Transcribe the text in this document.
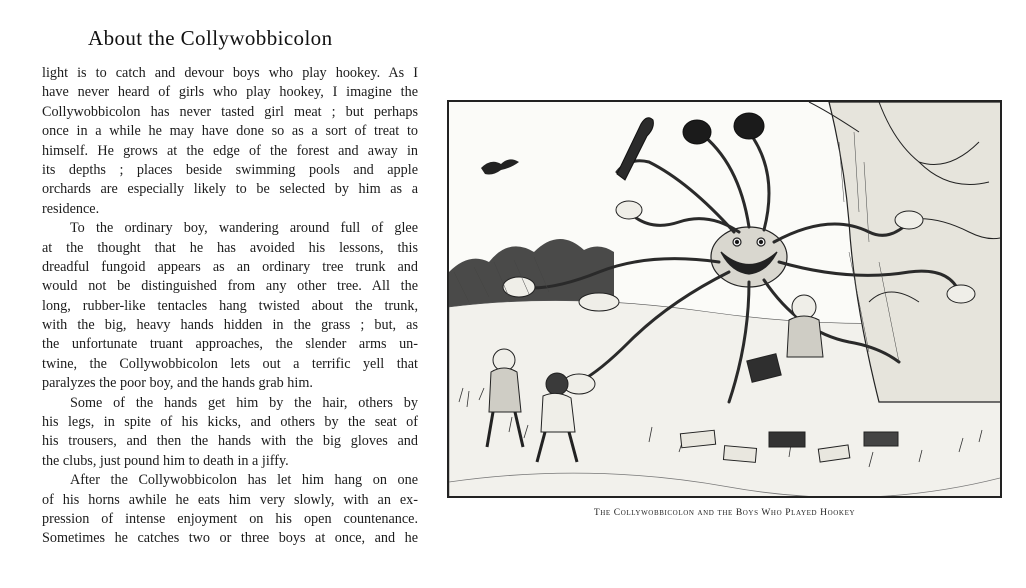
About the Collywobbicolon
light is to catch and devour boys who play hookey. As I
have never heard of girls who play hookey, I imagine the
Collywobbicolon has never tasted girl meat ; but perhaps
once in a while he may have done so as a sort of treat to
himself. He grows at the edge of the forest and away in
its depths ; places beside swimming pools and apple
orchards are especially likely to be selected by him as a
residence.
To the ordinary boy, wandering around full of glee
at the thought that he has avoided his lessons, this
dreadful fungoid appears as an ordinary tree trunk and
would not be distinguished from any other tree. All the
long, rubber-like tentacles hang twisted about the trunk,
with the big, heavy hands hidden in the grass ; but, as
the unfortunate truant approaches, the slender arms un-
twine, the Collywobbicolon lets out a terrific yell that
paralyzes the poor boy, and the hands grab him.
Some of the hands get him by the hair, others by
his legs, in spite of his kicks, and others by the seat of
his trousers, and then the hands with the big gloves and
the clubs, just pound him to death in a jiffy.
After the Collywobbicolon has let him hang on one
of his horns awhile he eats him very slowly, with an ex-
pression of intense enjoyment on his open countenance.
Sometimes he catches two or three boys at once, and he
The Collywobbicolon and the Boys Who Played Hookey
